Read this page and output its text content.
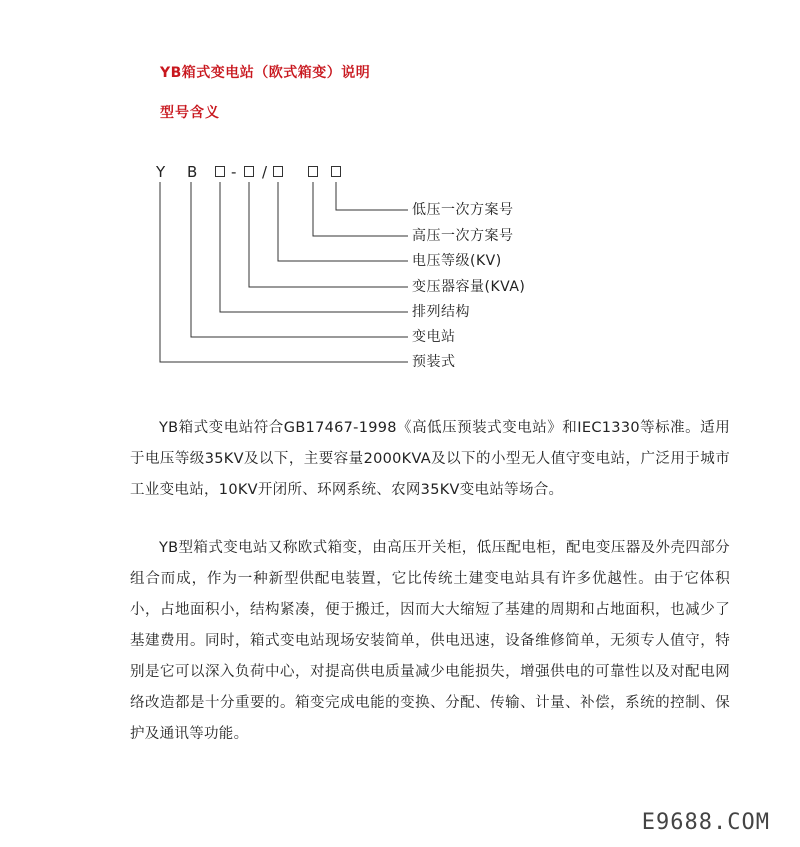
YB箱式变电站（欧式箱变）说明
型号含义
Y B - /
低压一次方案号
高压一次方案号
电压等级(KV)
变压器容量(KVA)
排列结构
变电站
预装式

YB箱式变电站符合GB17467-1998《高低压预装式变电站》和IEC1330等标准。适用于电压等级35KV及以下，主要容量2000KVA及以下的小型无人值守变电站，广泛用于城市工业变电站，10KV开闭所、环网系统、农网35KV变电站等场合。

YB型箱式变电站又称欧式箱变，由高压开关柜，低压配电柜，配电变压器及外壳四部分组合而成，作为一种新型供配电装置，它比传统土建变电站具有许多优越性。由于它体积小，占地面积小，结构紧凑，便于搬迁，因而大大缩短了基建的周期和占地面积，也减少了基建费用。同时，箱式变电站现场安装简单，供电迅速，设备维修简单，无须专人值守，特别是它可以深入负荷中心，对提高供电质量减少电能损失，增强供电的可靠性以及对配电网络改造都是十分重要的。箱变完成电能的变换、分配、传输、计量、补偿，系统的控制、保护及通讯等功能。

E9688.COM
